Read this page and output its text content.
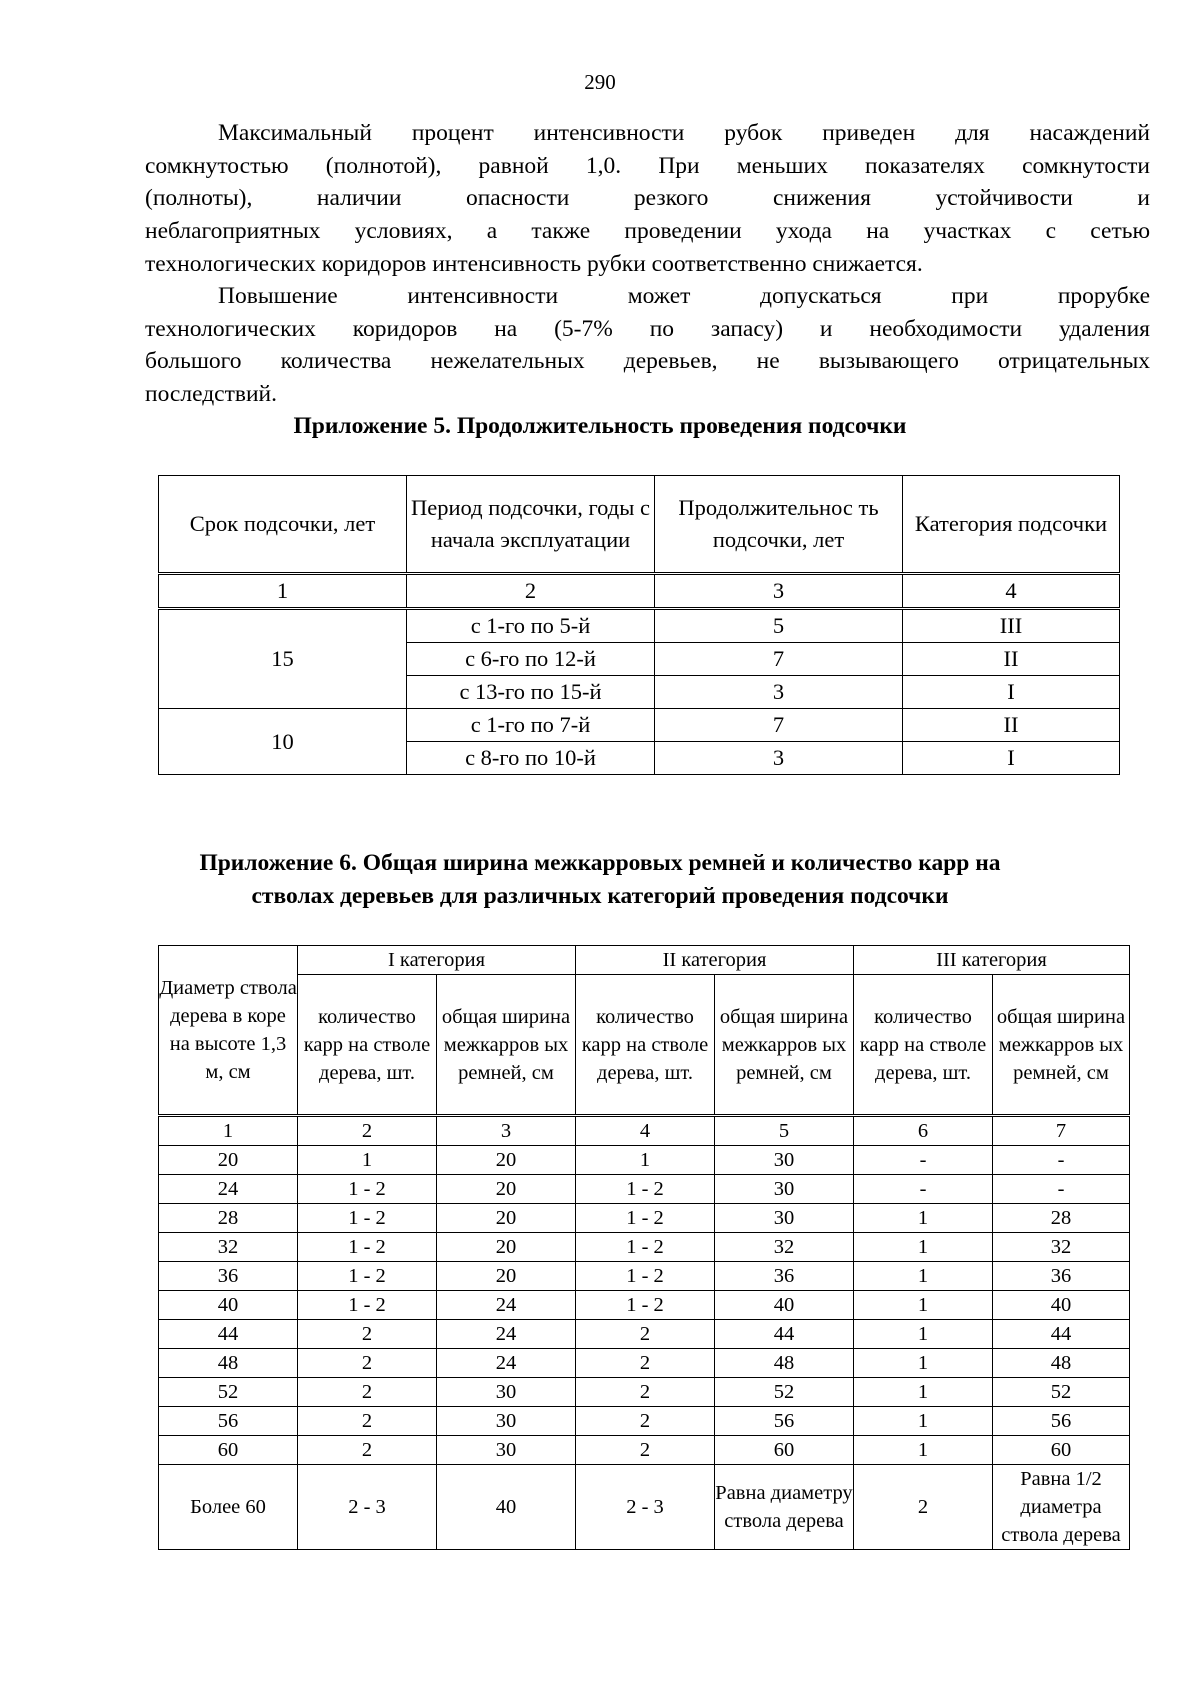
290
Максимальный процент интенсивности рубок приведен для насаждений
сомкнутостью (полнотой), равной 1,0. При меньших показателях сомкнутости
(полноты), наличии опасности резкого снижения устойчивости и
неблагоприятных условиях, а также проведении ухода на участках с сетью
технологических коридоров интенсивность рубки соответственно снижается.
Повышение интенсивности может допускаться при прорубке
технологических коридоров на (5-7% по запасу) и необходимости удаления
большого количества нежелательных деревьев, не вызывающего отрицательных
последствий.
Приложение 5. Продолжительность проведения подсочки
Срок подсочки, лет	Период подсочки, годы с начала эксплуатации	Продолжительнос ть подсочки, лет	Категория подсочки
1	2	3	4
15	с 1-го по 5-й	5	III
	с 6-го по 12-й	7	II
	с 13-го по 15-й	3	I
10	с 1-го по 7-й	7	II
	с 8-го по 10-й	3	I
Приложение 6. Общая ширина межкарровых ремней и количество карр на
стволах деревьев для различных категорий проведения подсочки
Диаметр ствола дерева в коре на высоте 1,3 м, см	I категория		II категория		III категория	
	количество карр на стволе дерева, шт.	общая ширина межкарров ых ремней, см	количество карр на стволе дерева, шт.	общая ширина межкарров ых ремней, см	количество карр на стволе дерева, шт.	общая ширина межкарров ых ремней, см
1	2	3	4	5	6	7
20	1	20	1	30	-	-
24	1 - 2	20	1 - 2	30	-	-
28	1 - 2	20	1 - 2	30	1	28
32	1 - 2	20	1 - 2	32	1	32
36	1 - 2	20	1 - 2	36	1	36
40	1 - 2	24	1 - 2	40	1	40
44	2	24	2	44	1	44
48	2	24	2	48	1	48
52	2	30	2	52	1	52
56	2	30	2	56	1	56
60	2	30	2	60	1	60
Более 60	2 - 3	40	2 - 3	Равна диаметру ствола дерева	2	Равна 1/2 диаметра ствола дерева
